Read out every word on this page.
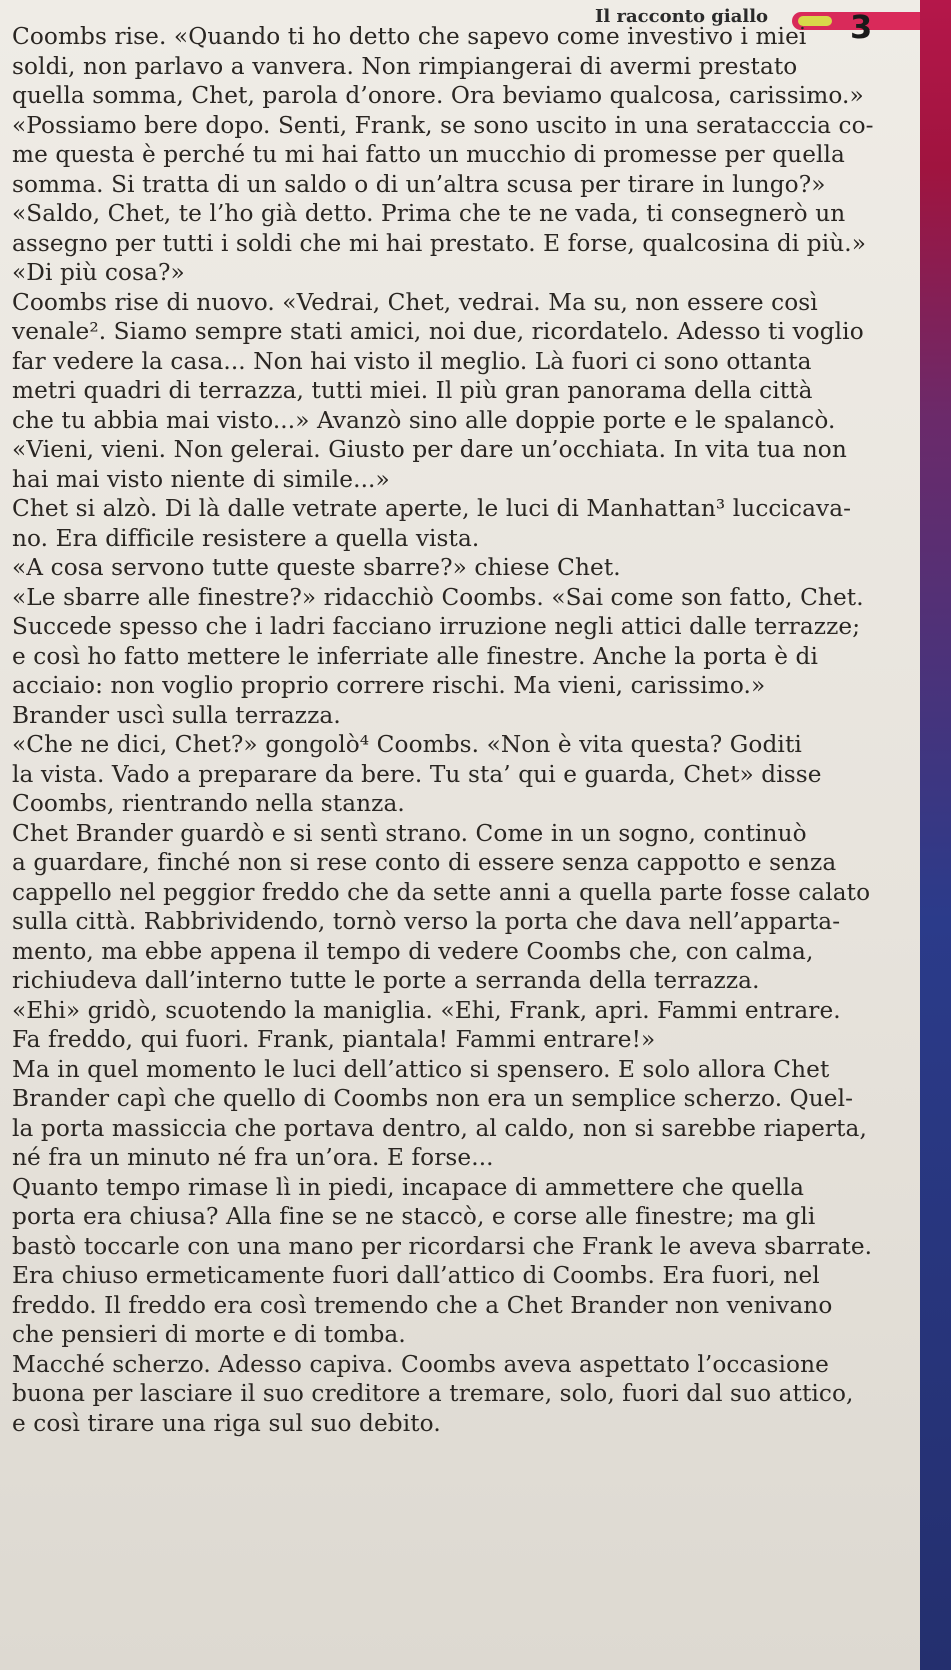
Il racconto giallo	3
Coombs rise. «Quando ti ho detto che sapevo come investivo i miei
soldi, non parlavo a vanvera. Non rimpiangerai di avermi prestato
quella somma, Chet, parola d’onore. Ora beviamo qualcosa, carissimo.»
«Possiamo bere dopo. Senti, Frank, se sono uscito in una seratacccia co-
me questa è perché tu mi hai fatto un mucchio di promesse per quella
somma. Si tratta di un saldo o di un’altra scusa per tirare in lungo?»
«Saldo, Chet, te l’ho già detto. Prima che te ne vada, ti consegnerò un
assegno per tutti i soldi che mi hai prestato. E forse, qualcosina di più.»
«Di più cosa?»
Coombs rise di nuovo. «Vedrai, Chet, vedrai. Ma su, non essere così
venale². Siamo sempre stati amici, noi due, ricordatelo. Adesso ti voglio
far vedere la casa... Non hai visto il meglio. Là fuori ci sono ottanta
metri quadri di terrazza, tutti miei. Il più gran panorama della città
che tu abbia mai visto...» Avanzò sino alle doppie porte e le spalancò.
«Vieni, vieni. Non gelerai. Giusto per dare un’occhiata. In vita tua non
hai mai visto niente di simile...»
Chet si alzò. Di là dalle vetrate aperte, le luci di Manhattan³ luccicava-
no. Era difficile resistere a quella vista.
«A cosa servono tutte queste sbarre?» chiese Chet.
«Le sbarre alle finestre?» ridacchiò Coombs. «Sai come son fatto, Chet.
Succede spesso che i ladri facciano irruzione negli attici dalle terrazze;
e così ho fatto mettere le inferriate alle finestre. Anche la porta è di
acciaio: non voglio proprio correre rischi. Ma vieni, carissimo.»
Brander uscì sulla terrazza.
«Che ne dici, Chet?» gongolò⁴ Coombs. «Non è vita questa? Goditi
la vista. Vado a preparare da bere. Tu sta’ qui e guarda, Chet» disse
Coombs, rientrando nella stanza.
Chet Brander guardò e si sentì strano. Come in un sogno, continuò
a guardare, finché non si rese conto di essere senza cappotto e senza
cappello nel peggior freddo che da sette anni a quella parte fosse calato
sulla città. Rabbrividendo, tornò verso la porta che dava nell’apparta-
mento, ma ebbe appena il tempo di vedere Coombs che, con calma,
richiudeva dall’interno tutte le porte a serranda della terrazza.
«Ehi» gridò, scuotendo la maniglia. «Ehi, Frank, apri. Fammi entrare.
Fa freddo, qui fuori. Frank, piantala! Fammi entrare!»
Ma in quel momento le luci dell’attico si spensero. E solo allora Chet
Brander capì che quello di Coombs non era un semplice scherzo. Quel-
la porta massiccia che portava dentro, al caldo, non si sarebbe riaperta,
né fra un minuto né fra un’ora. E forse...
Quanto tempo rimase lì in piedi, incapace di ammettere che quella
porta era chiusa? Alla fine se ne staccò, e corse alle finestre; ma gli
bastò toccarle con una mano per ricordarsi che Frank le aveva sbarrate.
Era chiuso ermeticamente fuori dall’attico di Coombs. Era fuori, nel
freddo. Il freddo era così tremendo che a Chet Brander non venivano
che pensieri di morte e di tomba.
Macché scherzo. Adesso capiva. Coombs aveva aspettato l’occasione
buona per lasciare il suo creditore a tremare, solo, fuori dal suo attico,
e così tirare una riga sul suo debito.
